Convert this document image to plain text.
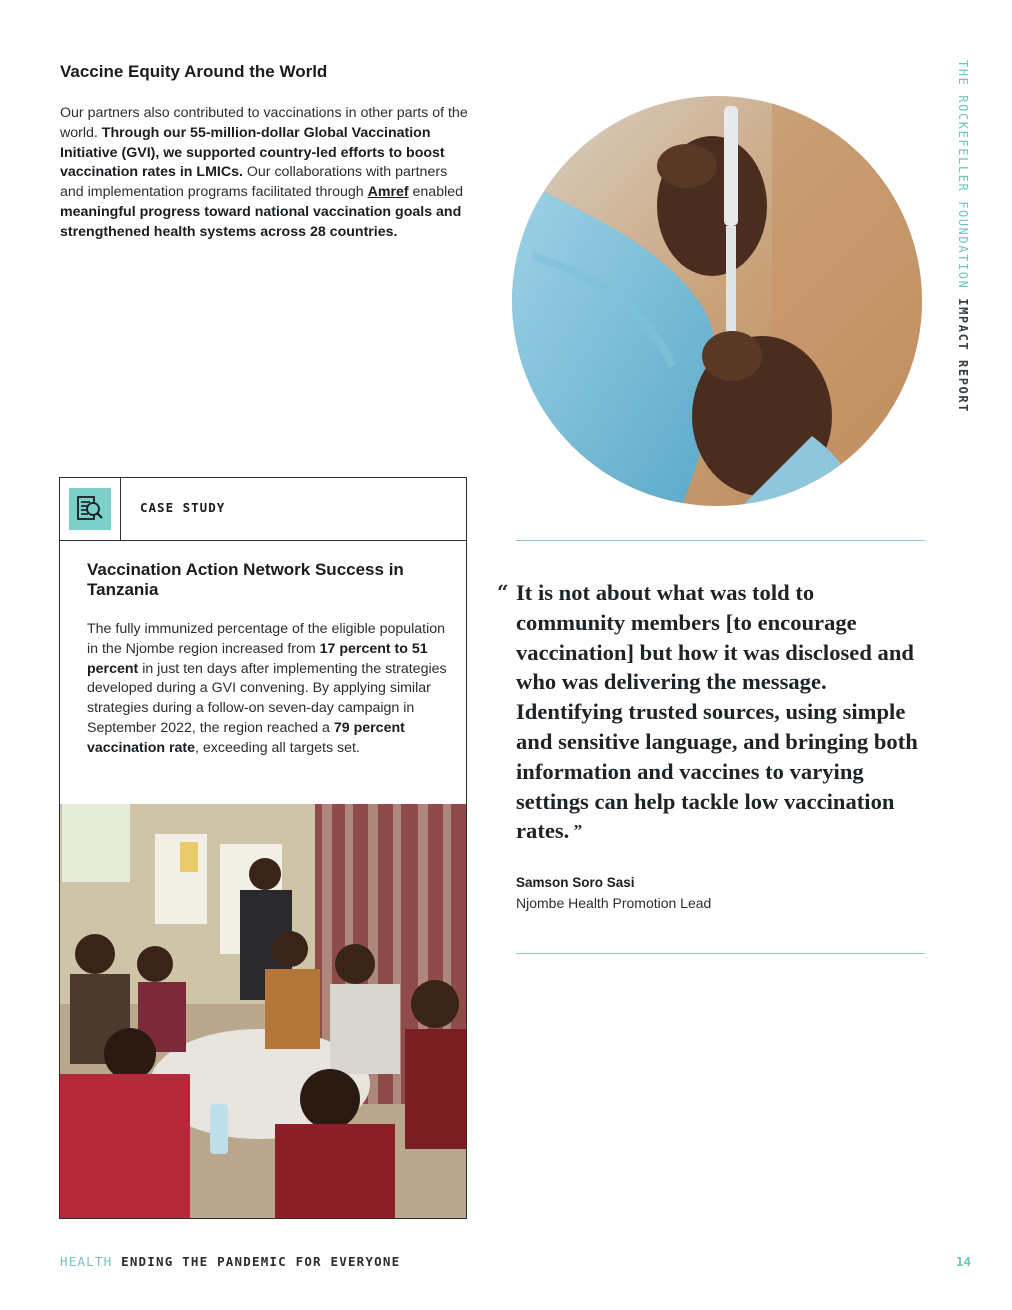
Vaccine Equity Around the World

Our partners also contributed to vaccinations in other parts of the world. Through our 55-million-dollar Global Vaccination Initiative (GVI), we supported country-led efforts to boost vaccination rates in LMICs. Our collaborations with partners and implementation programs facilitated through Amref enabled meaningful progress toward national vaccination goals and strengthened health systems across 28 countries.	THE ROCKEFELLER FOUNDATION IMPACT REPORT
CASE STUDY
Vaccination Action Network Success in Tanzania

The fully immunized percentage of the eligible population in the Njombe region increased from 17 percent to 51 percent in just ten days after implementing the strategies developed during a GVI convening. By applying similar strategies during a follow-on seven-day campaign in September 2022, the region reached a 79 percent vaccination rate, exceeding all targets set.

“ It is not about what was told to community members [to encourage vaccination] but how it was disclosed and who was delivering the message. Identifying trusted sources, using simple and sensitive language, and bringing both information and vaccines to varying settings can help tackle low vaccination rates. ”

Samson Soro Sasi
Njombe Health Promotion Lead
HEALTH ENDING THE PANDEMIC FOR EVERYONE	14
